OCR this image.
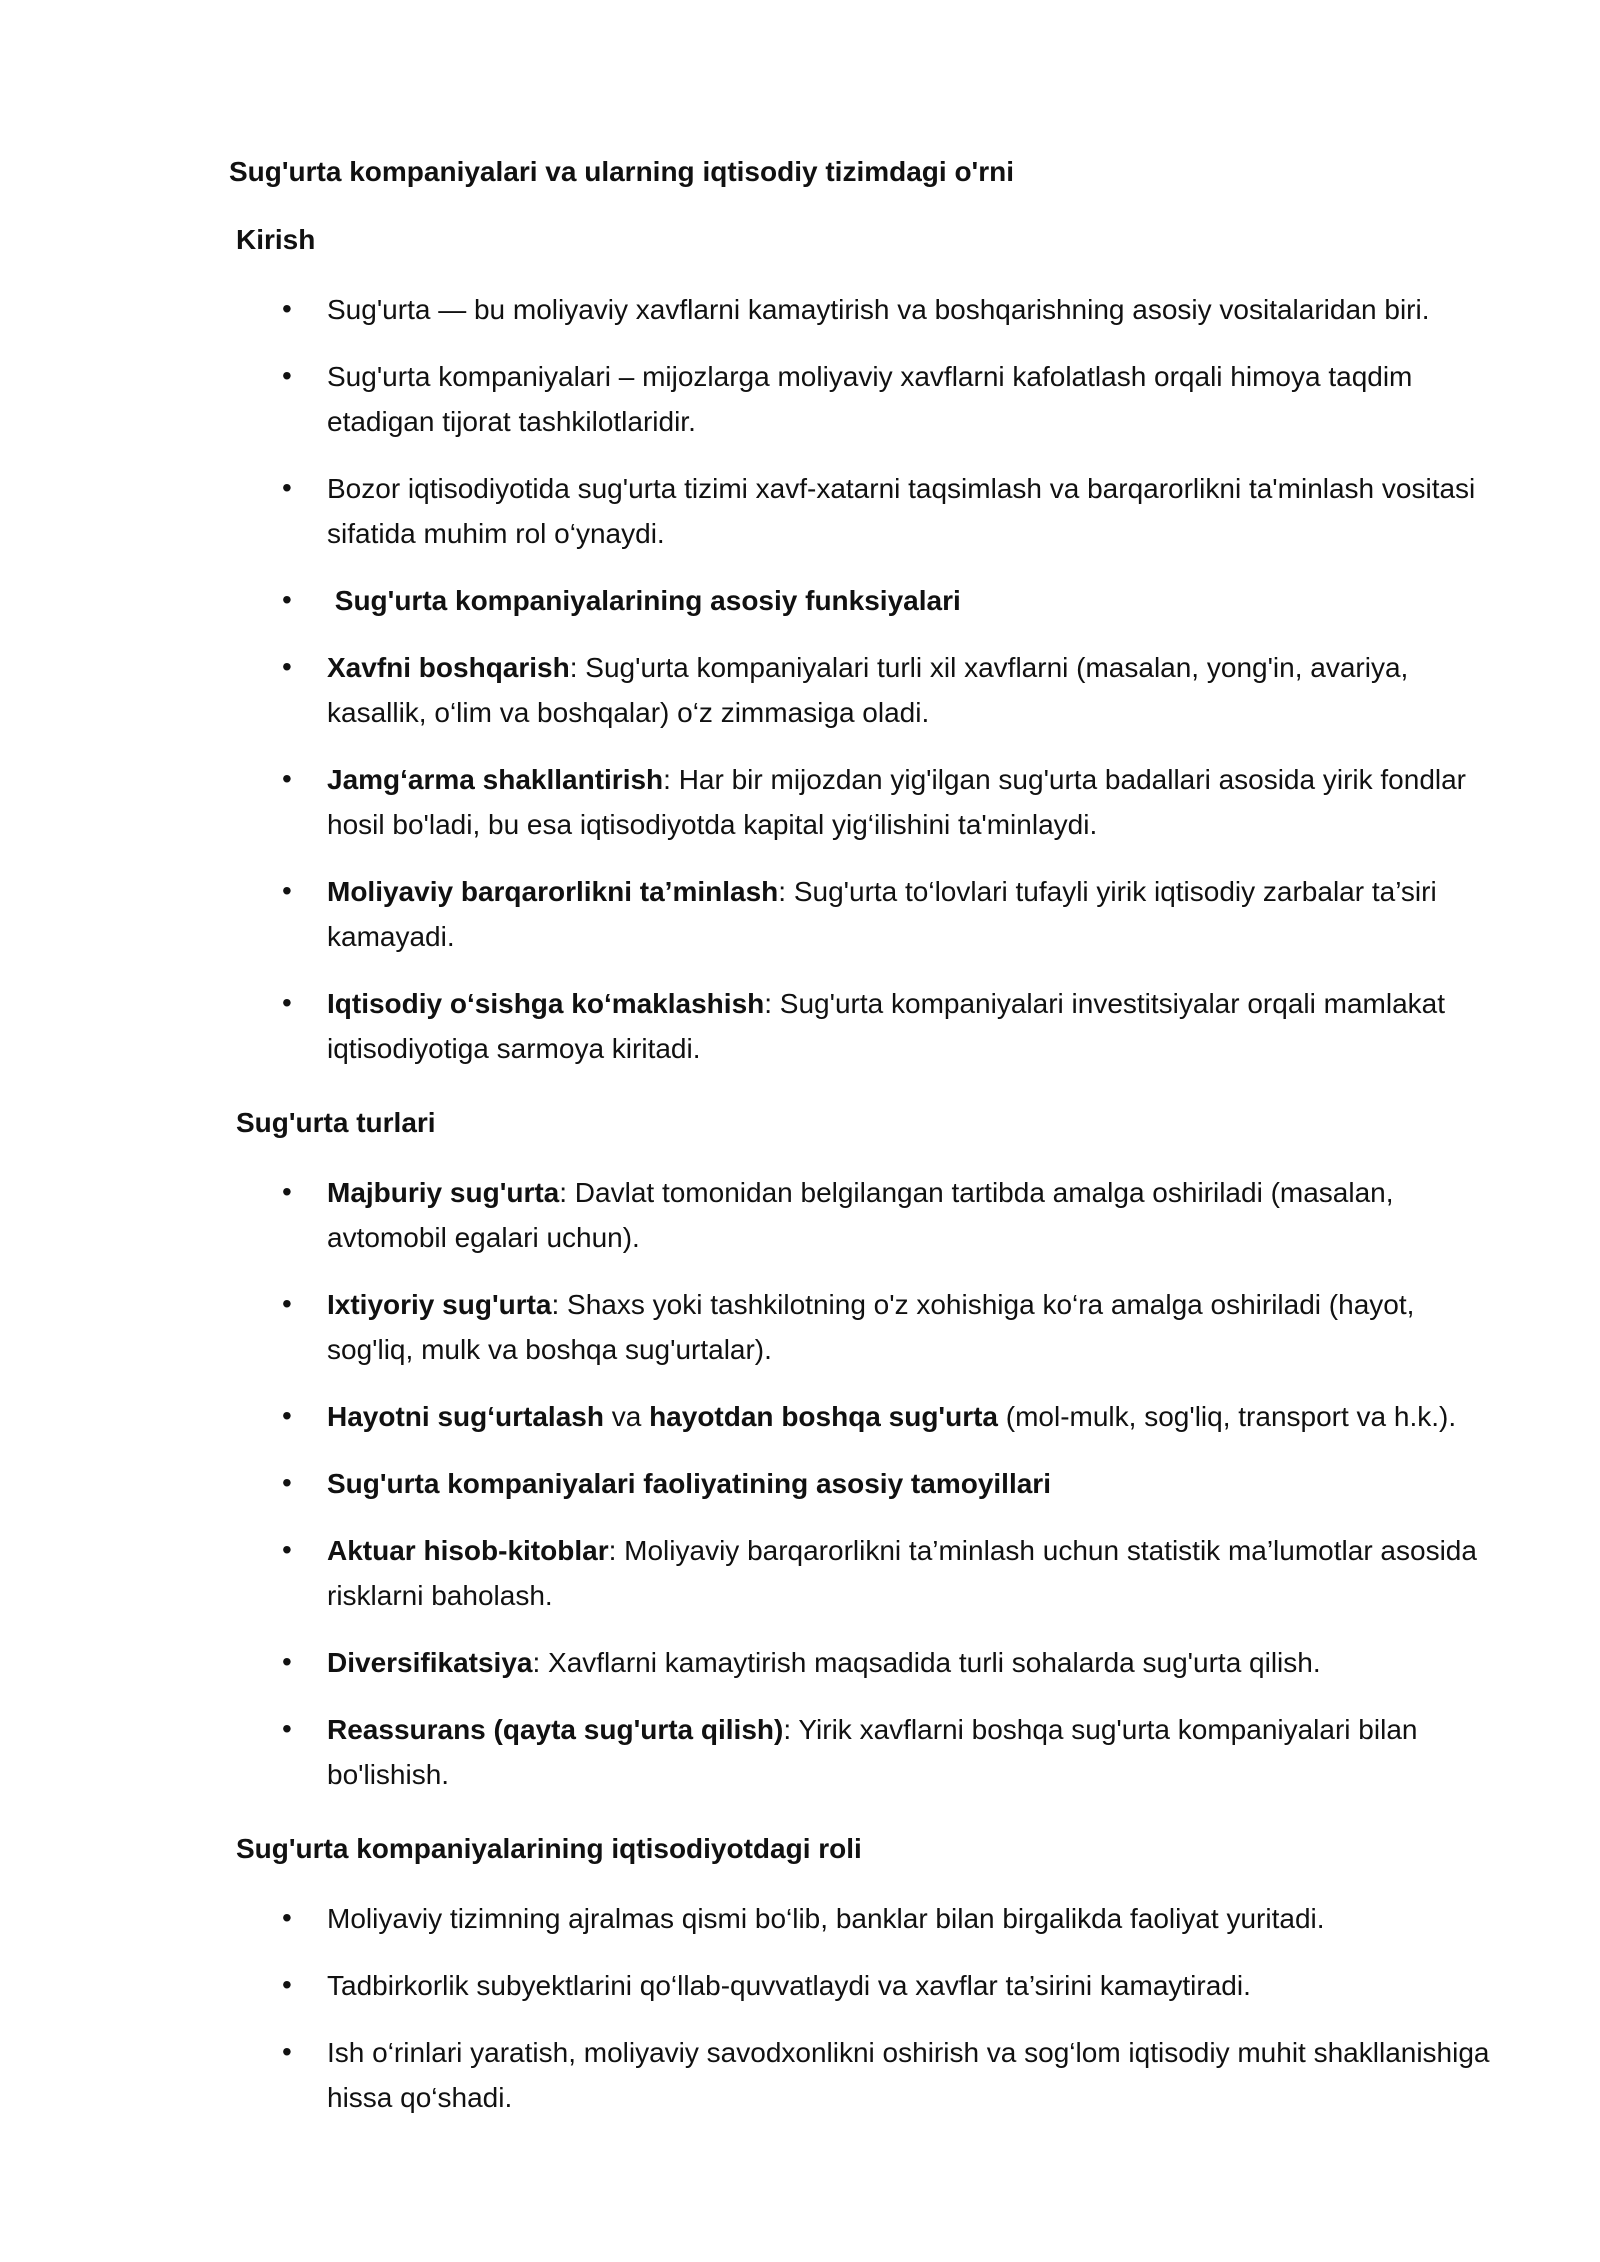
Sug'urta kompaniyalari va ularning iqtisodiy tizimdagi o'rni
Kirish
• Sug'urta — bu moliyaviy xavflarni kamaytirish va boshqarishning asosiy vositalaridan biri.
• Sug'urta kompaniyalari – mijozlarga moliyaviy xavflarni kafolatlash orqali himoya taqdim etadigan tijorat tashkilotlaridir.
• Bozor iqtisodiyotida sug'urta tizimi xavf-xatarni taqsimlash va barqarorlikni ta'minlash vositasi sifatida muhim rol o‘ynaydi.
• Sug'urta kompaniyalarining asosiy funksiyalari
• Xavfni boshqarish: Sug'urta kompaniyalari turli xil xavflarni (masalan, yong'in, avariya, kasallik, o‘lim va boshqalar) o‘z zimmasiga oladi.
• Jamg‘arma shakllantirish: Har bir mijozdan yig'ilgan sug'urta badallari asosida yirik fondlar hosil bo'ladi, bu esa iqtisodiyotda kapital yig‘ilishini ta'minlaydi.
• Moliyaviy barqarorlikni ta’minlash: Sug'urta to‘lovlari tufayli yirik iqtisodiy zarbalar ta’siri kamayadi.
• Iqtisodiy o‘sishga ko‘maklashish: Sug'urta kompaniyalari investitsiyalar orqali mamlakat iqtisodiyotiga sarmoya kiritadi.
Sug'urta turlari
• Majburiy sug'urta: Davlat tomonidan belgilangan tartibda amalga oshiriladi (masalan, avtomobil egalari uchun).
• Ixtiyoriy sug'urta: Shaxs yoki tashkilotning o'z xohishiga ko‘ra amalga oshiriladi (hayot, sog'liq, mulk va boshqa sug'urtalar).
• Hayotni sug‘urtalash va hayotdan boshqa sug'urta (mol-mulk, sog'liq, transport va h.k.).
• Sug'urta kompaniyalari faoliyatining asosiy tamoyillari
• Aktuar hisob-kitoblar: Moliyaviy barqarorlikni ta’minlash uchun statistik ma’lumotlar asosida risklarni baholash.
• Diversifikatsiya: Xavflarni kamaytirish maqsadida turli sohalarda sug'urta qilish.
• Reassurans (qayta sug'urta qilish): Yirik xavflarni boshqa sug'urta kompaniyalari bilan bo'lishish.
Sug'urta kompaniyalarining iqtisodiyotdagi roli
• Moliyaviy tizimning ajralmas qismi bo‘lib, banklar bilan birgalikda faoliyat yuritadi.
• Tadbirkorlik subyektlarini qo‘llab-quvvatlaydi va xavflar ta’sirini kamaytiradi.
• Ish o‘rinlari yaratish, moliyaviy savodxonlikni oshirish va sog‘lom iqtisodiy muhit shakllanishiga hissa qo‘shadi.
